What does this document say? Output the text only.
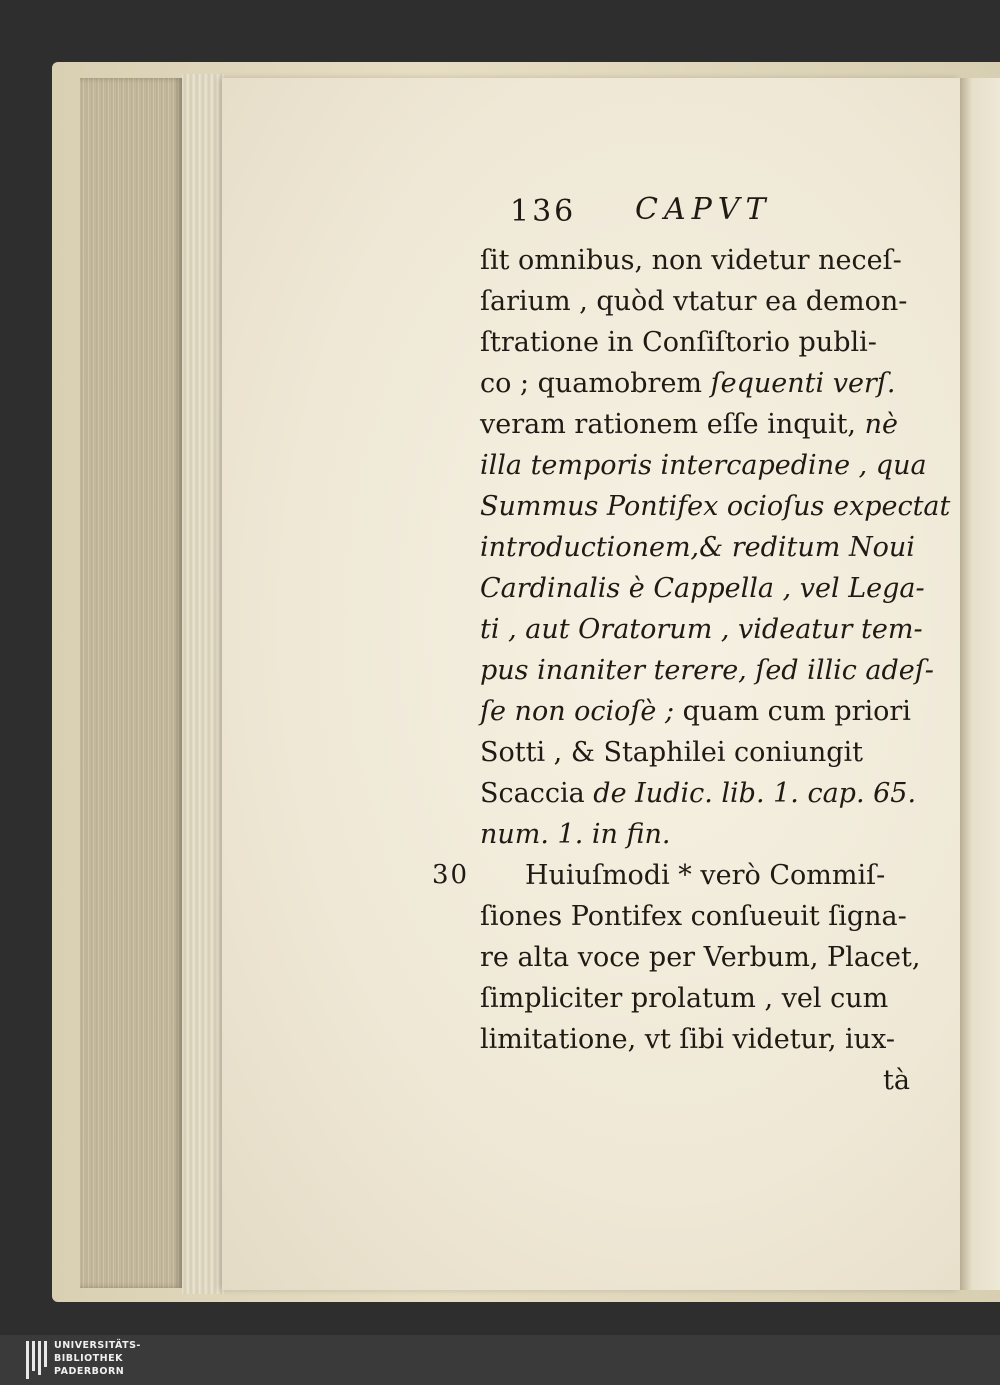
136 CAPVT
ſit omnibus, non videtur neceſ-
ſarium , quòd vtatur ea demon-
ſtratione in Conſiſtorio publi-
co ; quamobrem ſequenti verſ.
veram rationem eſſe inquit, nè
illa temporis intercapedine , qua
Summus Pontifex ocioſus expectat
introductionem,& reditum Noui
Cardinalis è Cappella , vel Lega-
ti , aut Oratorum , videatur tem-
pus inaniter terere, ſed illic adeſ-
ſe non ocioſè ; quam cum priori
Sotti , & Staphilei coniungit
Scaccia de Iudic. lib. 1. cap. 65.
num. 1. in fin.
30 Huiuſmodi * verò Commiſ-
ſiones Pontifex conſueuit ſigna-
re alta voce per Verbum, Placet,
ſimpliciter prolatum , vel cum
limitatione, vt ſibi videtur, iux-
tà
UNIVERSITÄTS-
BIBLIOTHEK
PADERBORN
